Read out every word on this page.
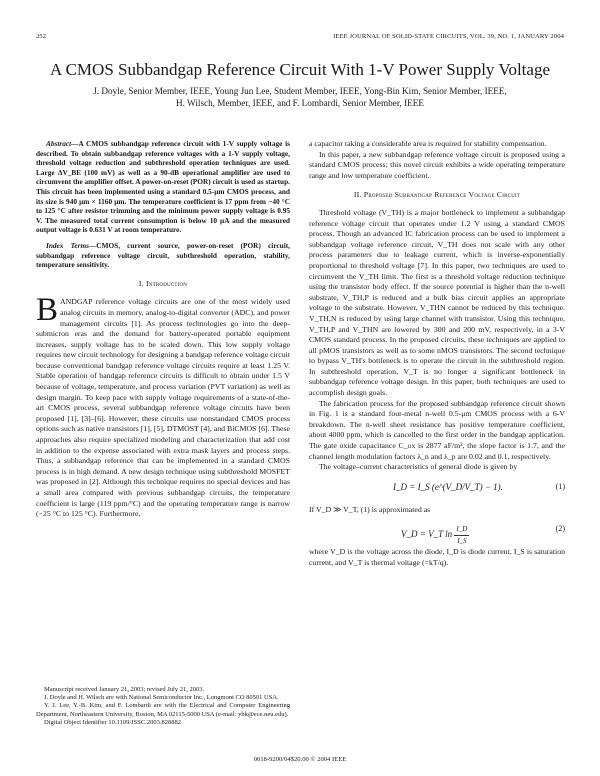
252	IEEE JOURNAL OF SOLID-STATE CIRCUITS, VOL. 39, NO. 1, JANUARY 2004
A CMOS Subbandgap Reference Circuit With 1-V Power Supply Voltage
J. Doyle, Senior Member, IEEE, Young Jun Lee, Student Member, IEEE, Yong-Bin Kim, Senior Member, IEEE,
H. Wilsch, Member, IEEE, and F. Lombardi, Senior Member, IEEE

Abstract—A CMOS subbandgap reference circuit with 1-V supply voltage is described. To obtain subbandgap reference voltages with a 1-V supply voltage, threshold voltage reduction and subthreshold operation techniques are used. Large ΔV_BE (100 mV) as well as a 90-dB operational amplifier are used to circumvent the amplifier offset. A power-on-reset (POR) circuit is used as startup. This circuit has been implemented using a standard 0.5-μm CMOS process, and its size is 940 μm × 1160 μm. The temperature coefficient is 17 ppm from −40 °C to 125 °C after resistor trimming and the minimum power supply voltage is 0.95 V. The measured total current consumption is below 10 μA and the measured output voltage is 0.631 V at room temperature.

Index Terms—CMOS, current source, power-on-reset (POR) circuit, subbandgap reference voltage circuit, subthreshold operation, stability, temperature sensitivity.

I. Introduction

BANDGAP reference voltage circuits are one of the most widely used analog circuits in memory, analog-to-digital converter (ADC), and power management circuits [1]. As process technologies go into the deep-submicron eras and the demand for battery-operated portable equipment increases, supply voltage has to be scaled down. This low supply voltage requires new circuit technology for designing a bandgap reference voltage circuit because conventional bandgap reference voltage circuits require at least 1.25 V. Stable operation of bandgap reference circuits is difficult to obtain under 1.5 V because of voltage, temperature, and process variation (PVT variation) as well as design margin. To keep pace with supply voltage requirements of a state-of-the-art CMOS process, several subbandgap reference voltage circuits have been proposed [1], [3]–[6]. However, these circuits use nonstandard CMOS process options such as native transistors [1], [5], DTMOST [4], and BiCMOS [6]. These approaches also require specialized modeling and characterization that add cost in addition to the expense associated with extra mask layers and process steps. Thus, a subbandgap reference that can be implemented in a standard CMOS process is in high demand. A new design technique using subthreshold MOSFET was proposed in [2]. Although this technique requires no special devices and has a small area compared with previous subbandgap circuits, the temperature coefficient is large (119 ppm/°C) and the operating temperature range is narrow (−25 °C to 125 °C). Furthermore,

Manuscript received January 21, 2003; revised July 21, 2003.

J. Doyle and H. Wilsch are with National Semiconductor Inc., Longmont CO 80501 USA.

Y. J. Lee, Y.-B. Kim, and F. Lombardi are with the Electrical and Computer Engineering Department, Northeastern University, Boston, MA 02115-5000 USA (e-mail: ybk@ece.neu.edu).

Digital Object Identifier 10.1109/JSSC.2003.820882

a capacitor taking a considerable area is required for stability compensation.

In this paper, a new subbandgap reference voltage circuit is proposed using a standard CMOS process; this novel circuit exhibits a wide operating temperature range and low temperature coefficient.

II. Proposed Subbandgap Reference Voltage Circuit

Threshold voltage (V_TH) is a major bottleneck to implement a subbandgap reference voltage circuit that operates under 1.2 V using a standard CMOS process. Though an advanced IC fabrication process can be used to implement a subbandgap voltage reference circuit, V_TH does not scale with any other process parameters due to leakage current, which is inverse-exponentially proportional to threshold voltage [7]. In this paper, two techniques are used to circumvent the V_TH limit. The first is a threshold voltage reduction technique using the transistor body effect. If the source potential is higher than the n-well substrate, V_TH,P is reduced and a bulk bias circuit applies an appropriate voltage to the substrate. However, V_THN cannot be reduced by this technique. V_TH,N is reduced by using large channel with transistor. Using this technique, V_TH,P and V_THN are lowered by 300 and 200 mV, respectively, in a 3-V CMOS standard process. In the proposed circuits, these techniques are applied to all pMOS transistors as well as to some nMOS transistors. The second technique to bypass V_TH's bottleneck is to operate the circuit in the subthreshold region. In subthreshold operation, V_T is no longer a significant bottleneck in subbandgap reference voltage design. In this paper, both techniques are used to accomplish design goals.

The fabrication process for the proposed subbandgap reference circuit shown in Fig. 1 is a standard four-metal n-well 0.5-μm CMOS process with a 6-V breakdown. The n-well sheet resistance has positive temperature coefficient, about 4000 ppm, which is cancelled to the first order in the bandgap application. The gate oxide capacitance C_ox is 2877 aF/m², the slope factor is 1.7, and the channel length modulation factors λ_n and λ_p are 0.02 and 0.1, respectively.

The voltage–current characteristics of general diode is given by

I_D = I_S (e^(V_D/V_T) − 1).	(1)

If V_D ≫ V_T, (1) is approximated as

V_D = V_T $\ln \frac{I\_D}{I\_S}$	(2)

where V_D is the voltage across the diode, I_D is diode current, I_S is saturation current, and V_T is thermal voltage (=kT/q).

0018-9200/04$20.00 © 2004 IEEE
